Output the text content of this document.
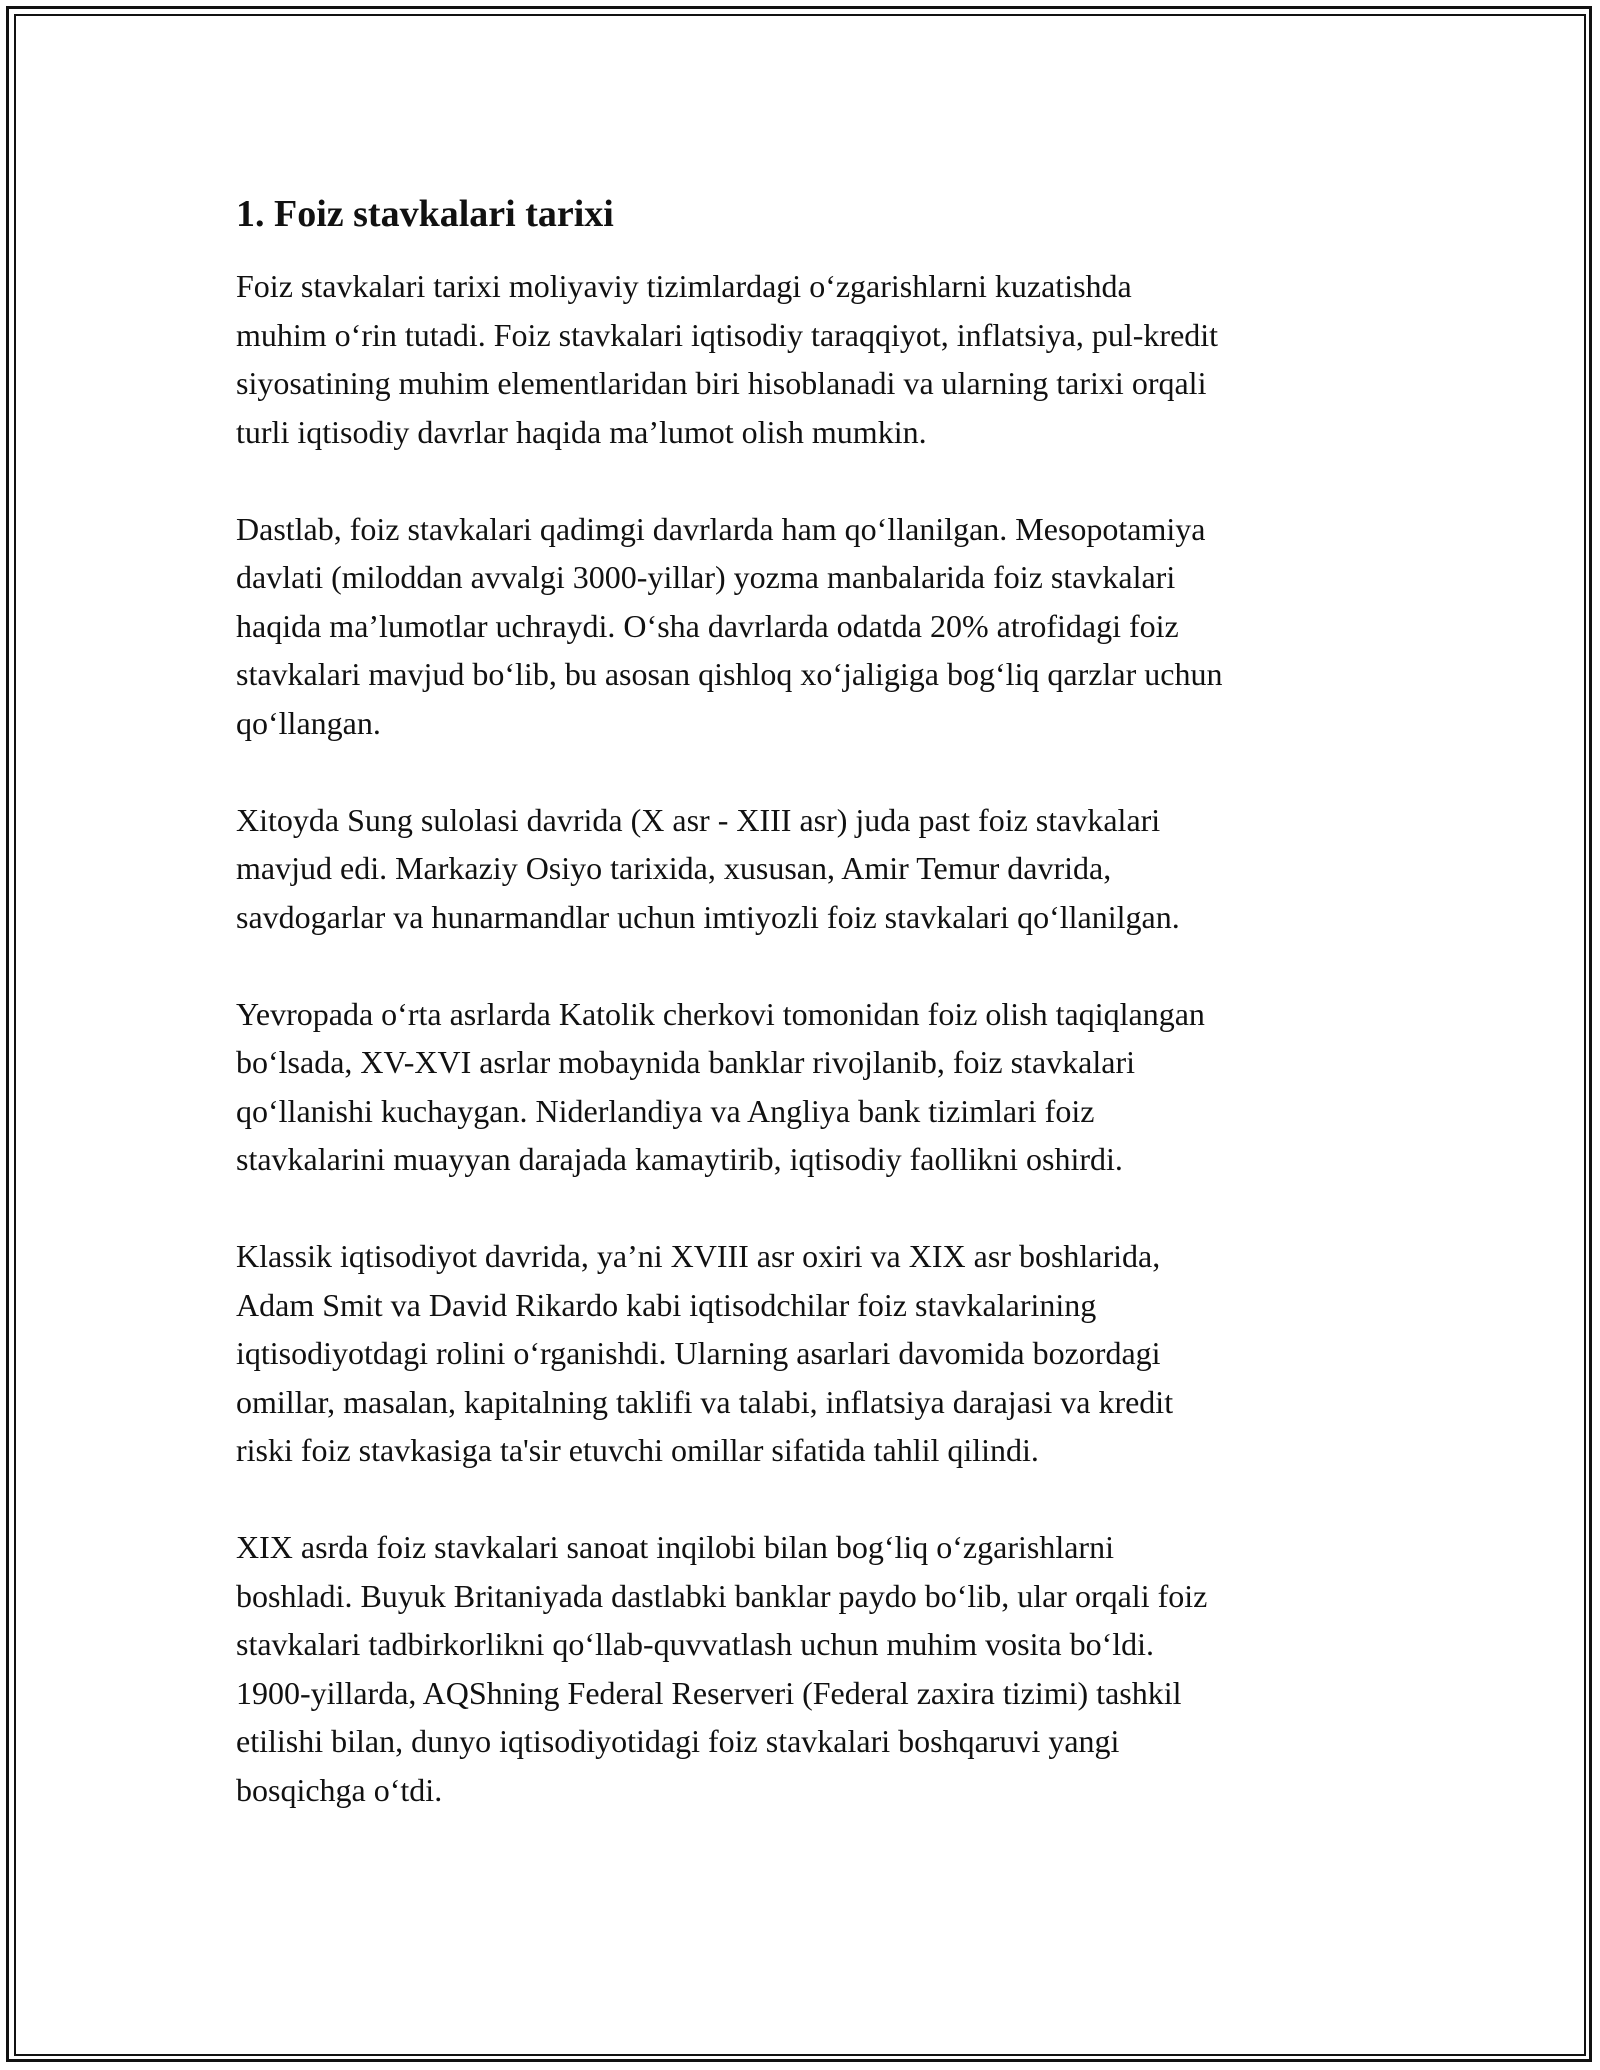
1. Foiz stavkalari tarixi

Foiz stavkalari tarixi moliyaviy tizimlardagi o‘zgarishlarni kuzatishda
muhim o‘rin tutadi. Foiz stavkalari iqtisodiy taraqqiyot, inflatsiya, pul-kredit
siyosatining muhim elementlaridan biri hisoblanadi va ularning tarixi orqali
turli iqtisodiy davrlar haqida ma’lumot olish mumkin.

Dastlab, foiz stavkalari qadimgi davrlarda ham qo‘llanilgan. Mesopotamiya
davlati (miloddan avvalgi 3000-yillar) yozma manbalarida foiz stavkalari
haqida ma’lumotlar uchraydi. O‘sha davrlarda odatda 20% atrofidagi foiz
stavkalari mavjud bo‘lib, bu asosan qishloq xo‘jaligiga bog‘liq qarzlar uchun
qo‘llangan.

Xitoyda Sung sulolasi davrida (X asr - XIII asr) juda past foiz stavkalari
mavjud edi. Markaziy Osiyo tarixida, xususan, Amir Temur davrida,
savdogarlar va hunarmandlar uchun imtiyozli foiz stavkalari qo‘llanilgan.

Yevropada o‘rta asrlarda Katolik cherkovi tomonidan foiz olish taqiqlangan
bo‘lsada, XV-XVI asrlar mobaynida banklar rivojlanib, foiz stavkalari
qo‘llanishi kuchaygan. Niderlandiya va Angliya bank tizimlari foiz
stavkalarini muayyan darajada kamaytirib, iqtisodiy faollikni oshirdi.

Klassik iqtisodiyot davrida, ya’ni XVIII asr oxiri va XIX asr boshlarida,
Adam Smit va David Rikardo kabi iqtisodchilar foiz stavkalarining
iqtisodiyotdagi rolini o‘rganishdi. Ularning asarlari davomida bozordagi
omillar, masalan, kapitalning taklifi va talabi, inflatsiya darajasi va kredit
riski foiz stavkasiga ta'sir etuvchi omillar sifatida tahlil qilindi.

XIX asrda foiz stavkalari sanoat inqilobi bilan bog‘liq o‘zgarishlarni
boshladi. Buyuk Britaniyada dastlabki banklar paydo bo‘lib, ular orqali foiz
stavkalari tadbirkorlikni qo‘llab-quvvatlash uchun muhim vosita bo‘ldi.
1900-yillarda, AQShning Federal Reserveri (Federal zaxira tizimi) tashkil
etilishi bilan, dunyo iqtisodiyotidagi foiz stavkalari boshqaruvi yangi
bosqichga o‘tdi.
